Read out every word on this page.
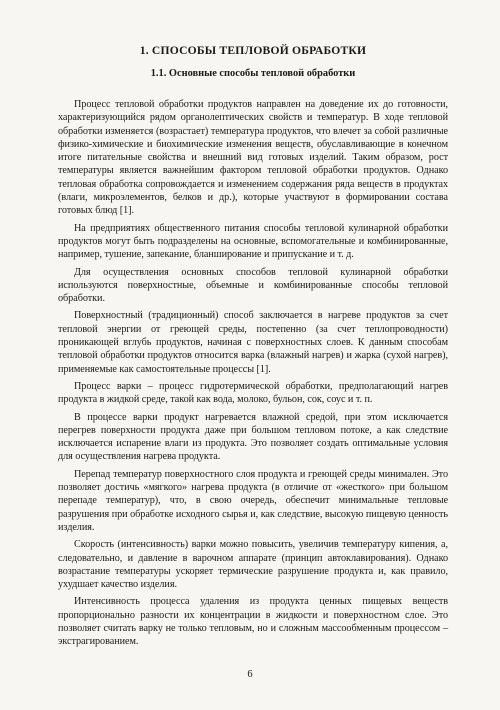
1. СПОСОБЫ ТЕПЛОВОЙ ОБРАБОТКИ
1.1. Основные способы тепловой обработки

Процесс тепловой обработки продуктов направлен на доведение их до готовности, характеризующийся рядом органолептических свойств и температур. В ходе тепловой обработки изменяется (возрастает) температура продуктов, что влечет за собой различные физико-химические и биохимические изменения веществ, обуславливающие в конечном итоге питательные свойства и внешний вид готовых изделий. Таким образом, рост температуры является важнейшим фактором тепловой обработки продуктов. Однако тепловая обработка сопровождается и изменением содержания ряда веществ в продуктах (влаги, микроэлементов, белков и др.), которые участвуют в формировании состава готовых блюд [1].

На предприятиях общественного питания способы тепловой кулинарной обработки продуктов могут быть подразделены на основные, вспомогательные и комбинированные, например, тушение, запекание, бланширование и припускание и т. д.

Для осуществления основных способов тепловой кулинарной обработки используются поверхностные, объемные и комбинированные способы тепловой обработки.

Поверхностный (традиционный) способ заключается в нагреве продуктов за счет тепловой энергии от греющей среды, постепенно (за счет теплопроводности) проникающей вглубь продуктов, начиная с поверхностных слоев. К данным способам тепловой обработки продуктов относится варка (влажный нагрев) и жарка (сухой нагрев), применяемые как самостоятельные процессы [1].

Процесс варки – процесс гидротермической обработки, предполагающий нагрев продукта в жидкой среде, такой как вода, молоко, бульон, сок, соус и т. п.

В процессе варки продукт нагревается влажной средой, при этом исключается перегрев поверхности продукта даже при большом тепловом потоке, а как следствие исключается испарение влаги из продукта. Это позволяет создать оптимальные условия для осуществления нагрева продукта.

Перепад температур поверхностного слоя продукта и греющей среды минимален. Это позволяет достичь «мягкого» нагрева продукта (в отличие от «жесткого» при большом перепаде температур), что, в свою очередь, обеспечит минимальные тепловые разрушения при обработке исходного сырья и, как следствие, высокую пищевую ценность изделия.

Скорость (интенсивность) варки можно повысить, увеличив температуру кипения, а, следовательно, и давление в варочном аппарате (принцип автоклавирования). Однако возрастание температуры ускоряет термические разрушение продукта и, как правило, ухудшает качество изделия.

Интенсивность процесса удаления из продукта ценных пищевых веществ пропорционально разности их концентрации в жидкости и поверхностном слое. Это позволяет считать варку не только тепловым, но и сложным массообменным процессом – экстрагированием.

6
